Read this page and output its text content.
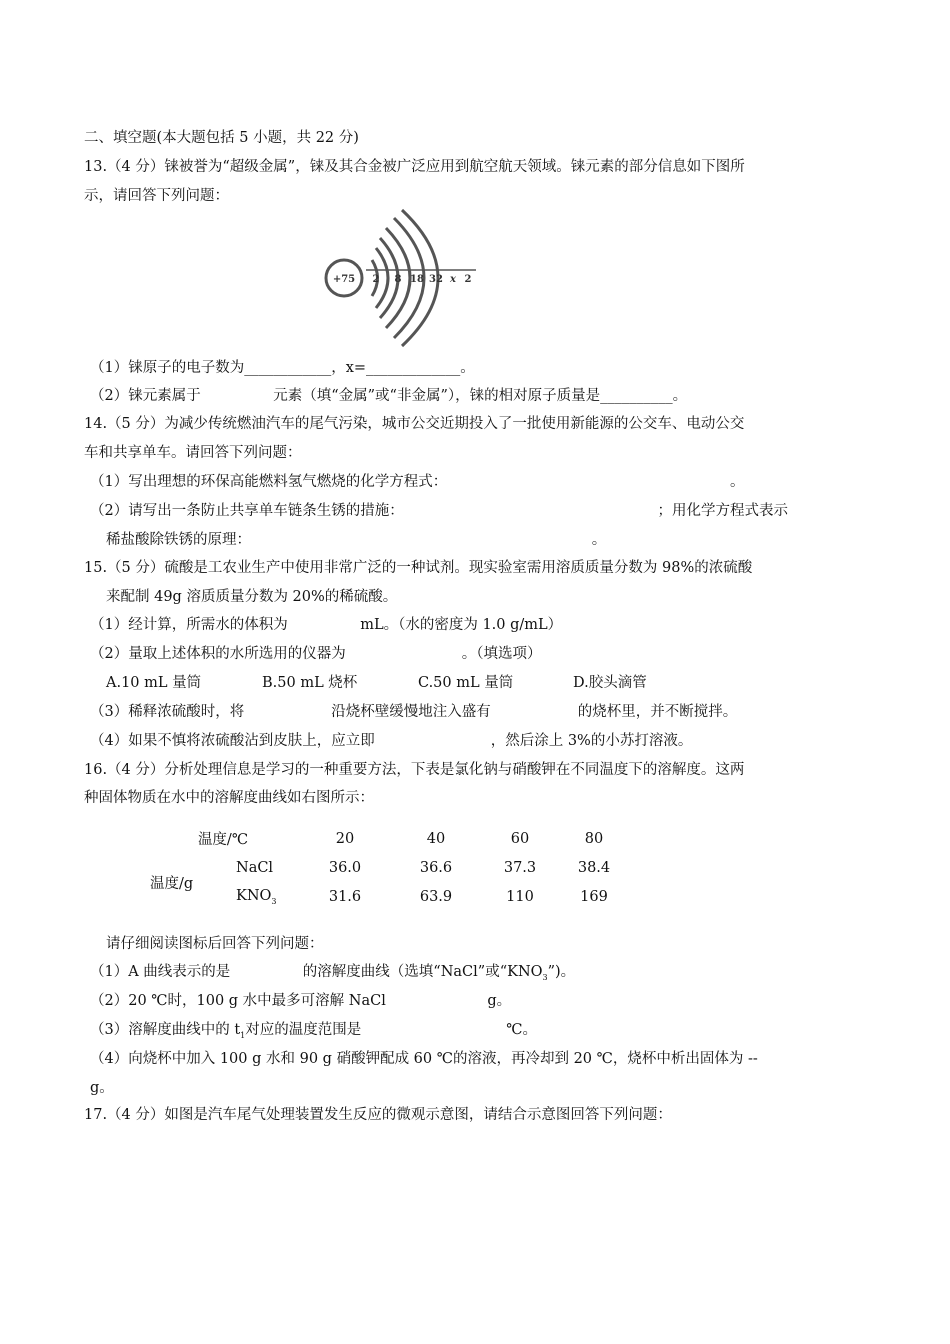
二、填空题(本大题包括 5 小题，共 22 分)
13.（4 分）铼被誉为“超级金属”，铼及其合金被广泛应用到航空航天领域。铼元素的部分信息如下图所
示，请回答下列问题：
+75 2 8 18 32 x 2
（1）铼原子的电子数为____________，x=_____________。
（2）铼元素属于　　　　　元素（填“金属”或“非金属”），铼的相对原子质量是__________。
14.（5 分）为减少传统燃油汽车的尾气污染，城市公交近期投入了一批使用新能源的公交车、电动公交
车和共享单车。请回答下列问题：
（1）写出理想的环保高能燃料氢气燃烧的化学方程式：　　　　　　　　　　　　　　　　　　　　。
（2）请写出一条防止共享单车链条生锈的措施：　　　　　　　　　　　　　　　　　　；用化学方程式表示
稀盐酸除铁锈的原理：　　　　　　　　　　　　　　　　　　　　　　　　。
15.（5 分）硫酸是工农业生产中使用非常广泛的一种试剂。现实验室需用溶质质量分数为 98%的浓硫酸
来配制 49g 溶质质量分数为 20%的稀硫酸。
（1）经计算，所需水的体积为　　　　　mL。（水的密度为 1.0 g/mL）
（2）量取上述体积的水所选用的仪器为　　　　　　　　。（填选项）
A.10 mL 量筒	B.50 mL 烧杯	C.50 mL 量筒	D.胶头滴管
（3）稀释浓硫酸时，将　　　　　　沿烧杯壁缓慢地注入盛有　　　　　　的烧杯里，并不断搅拌。
（4）如果不慎将浓硫酸沾到皮肤上，应立即　　　　　　　　，然后涂上 3%的小苏打溶液。
16.（4 分）分析处理信息是学习的一种重要方法，下表是氯化钠与硝酸钾在不同温度下的溶解度。这两
种固体物质在水中的溶解度曲线如右图所示：
温度/℃		20	40	60	80
温度/g	NaCl	36.0	36.6	37.3	38.4
	$KNO_3$	31.6	63.9	110	169
请仔细阅读图标后回答下列问题：
（1）A 曲线表示的是　　　　　的溶解度曲线（选填“NaCl”或“$KNO_3$”)。
（2）20 ℃时，100 g 水中最多可溶解 NaCl　　　　　　　g。
（3）溶解度曲线中的 $t_1$对应的温度范围是　　　　　　　　　　℃。
（4）向烧杯中加入 100 g 水和 90 g 硝酸钾配成 60 ℃的溶液，再冷却到 20 ℃，烧杯中析出固体为 --
g。
17.（4 分）如图是汽车尾气处理装置发生反应的微观示意图，请结合示意图回答下列问题：
